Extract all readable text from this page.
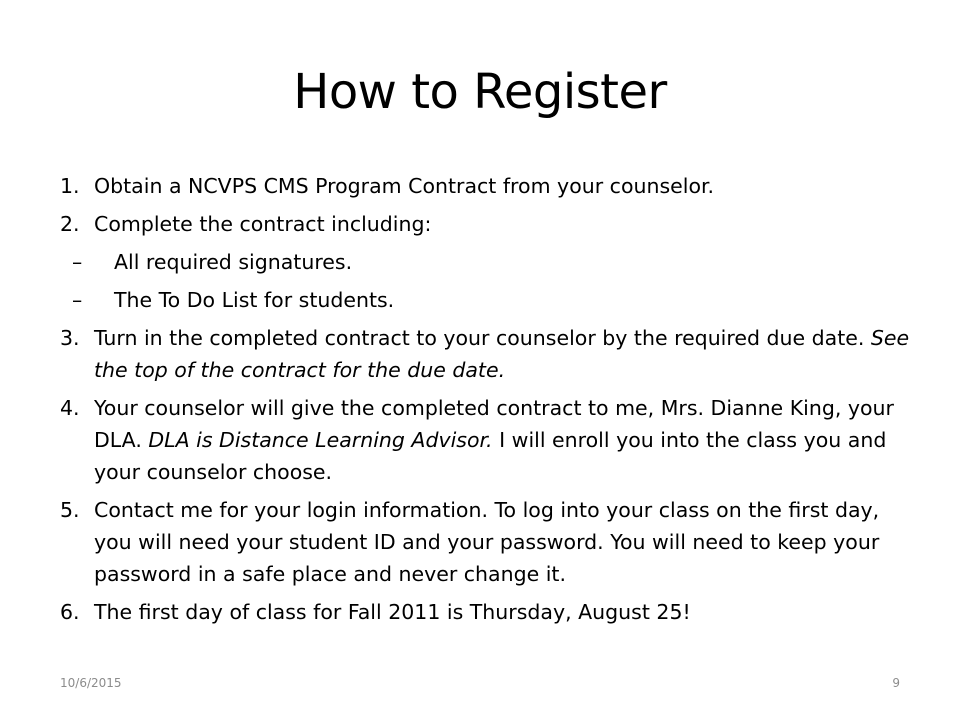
How to Register
1. Obtain a NCVPS CMS Program Contract from your counselor.
2. Complete the contract including:
– All required signatures.
– The To Do List for students.
3. Turn in the completed contract to your counselor by the required due date. See the top of the contract for the due date.
4. Your counselor will give the completed contract to me, Mrs. Dianne King, your DLA. DLA is Distance Learning Advisor. I will enroll you into the class you and your counselor choose.
5. Contact me for your login information. To log into your class on the first day, you will need your student ID and your password. You will need to keep your password in a safe place and never change it.
6. The first day of class for Fall 2011 is Thursday, August 25!
10/6/2015	9
